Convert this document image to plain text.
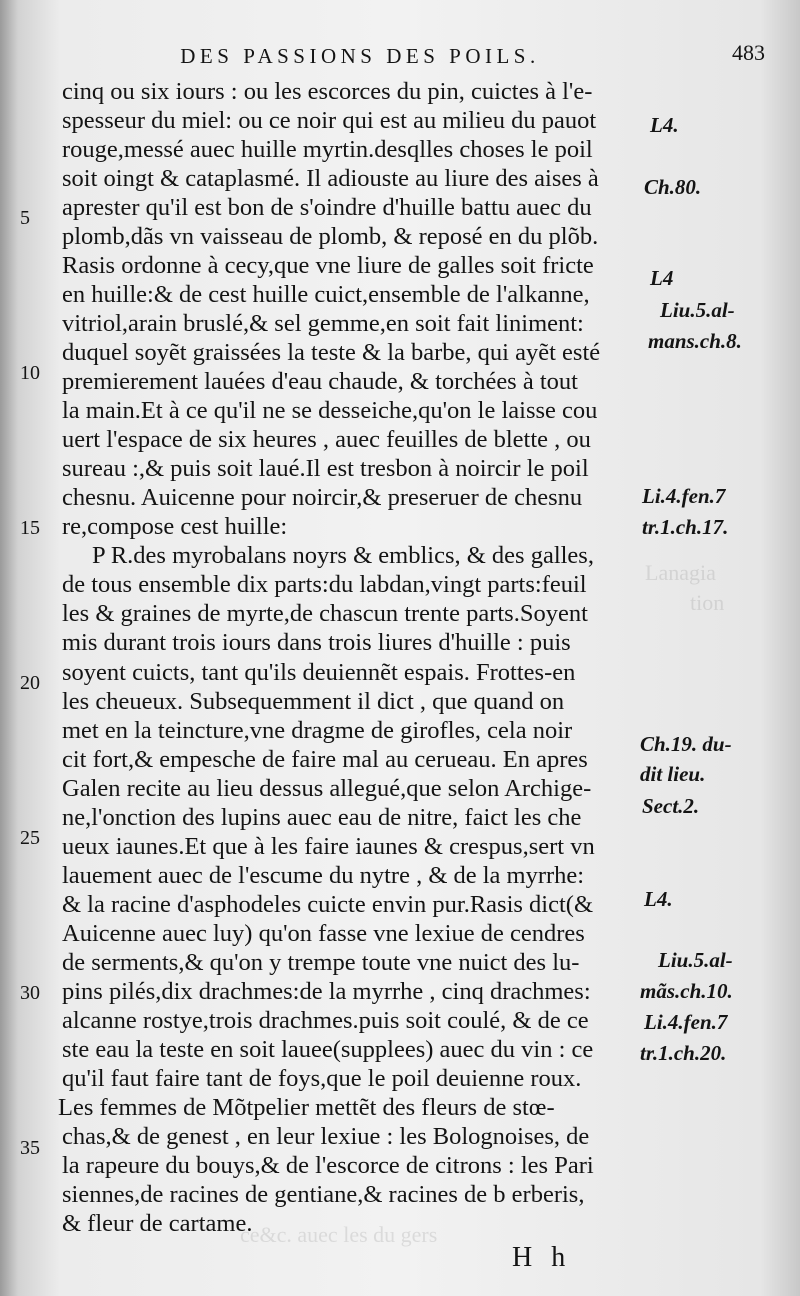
Lanagia
tion
ce&c. auec les du gers
DES PASSIONS DES POILS.	483
cinq ou six iours : ou les escorces du pin, cuictes à l'e-
spesseur du miel: ou ce noir qui est au milieu du pauot
rouge,messé auec huille myrtin.desqlles choses le poil
soit oingt & cataplasmé. Il adiouste au liure des aises à
aprester qu'il est bon de s'oindre d'huille battu auec du
plomb,dãs vn vaisseau de plomb, & reposé en du plõb.
Rasis ordonne à cecy,que vne liure de galles soit fricte
en huille:& de cest huille cuict,ensemble de l'alkanne,
vitriol,arain bruslé,& sel gemme,en soit fait liniment:
duquel soyẽt graissées la teste & la barbe, qui ayẽt esté
premierement lauées d'eau chaude, & torchées à tout
la main.Et à ce qu'il ne se desseiche,qu'on le laisse cou
uert l'espace de six heures , auec feuilles de blette , ou
sureau :,& puis soit laué.Il est tresbon à noircir le poil
chesnu. Auicenne pour noircir,& preseruer de chesnu
re,compose cest huille:
P R.des myrobalans noyrs & emblics, & des galles,
de tous ensemble dix parts:du labdan,vingt parts:feuil
les & graines de myrte,de chascun trente parts.Soyent
mis durant trois iours dans trois liures d'huille : puis
soyent cuicts, tant qu'ils deuiennẽt espais. Frottes-en
les cheueux. Subsequemment il dict , que quand on
met en la teincture,vne dragme de girofles, cela noir
cit fort,& empesche de faire mal au cerueau. En apres
Galen recite au lieu dessus allegué,que selon Archige-
ne,l'onction des lupins auec eau de nitre, faict les che
ueux iaunes.Et que à les faire iaunes & crespus,sert vn
lauement auec de l'escume du nytre , & de la myrrhe:
& la racine d'asphodeles cuicte envin pur.Rasis dict(&
Auicenne auec luy) qu'on fasse vne lexiue de cendres
de serments,& qu'on y trempe toute vne nuict des lu-
pins pilés,dix drachmes:de la myrrhe , cinq drachmes:
alcanne rostye,trois drachmes.puis soit coulé, & de ce
ste eau la teste en soit lauee(supplees) auec du vin : ce
qu'il faut faire tant de foys,que le poil deuienne roux.
Les femmes de Mõtpelier mettẽt des fleurs de stœ-
chas,& de genest , en leur lexiue : les Bolognoises, de
la rapeure du bouys,& de l'escorce de citrons : les Pari
siennes,de racines de gentiane,& racines de b erberis,
& fleur de cartame.
L4.
Ch.80.
L4
Liu.5.al-
mans.ch.8.
Li.4.fen.7
tr.1.ch.17.
Ch.19. du-
dit lieu.
Sect.2.
L4.
Liu.5.al-
mãs.ch.10.
Li.4.fen.7
tr.1.ch.20.
5
10
15
20
25
30
35
H h
